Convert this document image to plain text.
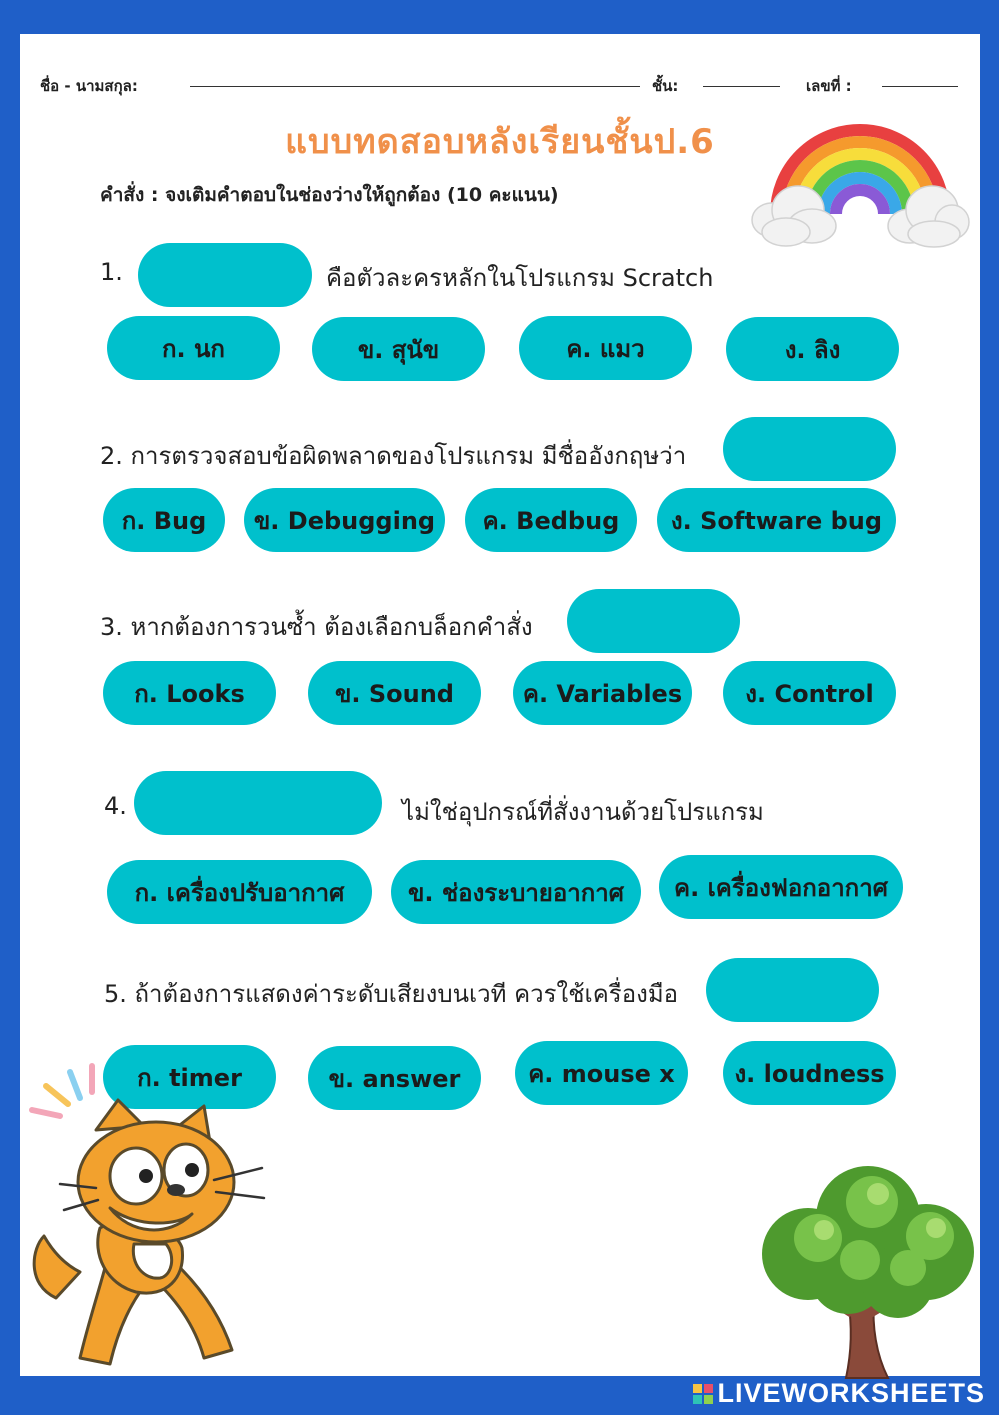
ชื่อ - นามสกุล:	ชั้น:	เลขที่ :
แบบทดสอบหลังเรียนชั้นป.6
คำสั่ง : จงเติมคำตอบในช่องว่างให้ถูกต้อง (10 คะแนน)
1.	คือตัวละครหลักในโปรแกรม Scratch
ก. นก	ข. สุนัข	ค. แมว	ง. ลิง
2. การตรวจสอบข้อผิดพลาดของโปรแกรม มีชื่ออังกฤษว่า
ก. Bug	ข. Debugging	ค. Bedbug	ง. Software bug
3. หากต้องการวนซ้ำ ต้องเลือกบล็อกคำสั่ง
ก. Looks	ข. Sound	ค. Variables	ง. Control
4.	ไม่ใช่อุปกรณ์ที่สั่งงานด้วยโปรแกรม
ก. เครื่องปรับอากาศ	ข. ช่องระบายอากาศ	ค. เครื่องฟอกอากาศ
5. ถ้าต้องการแสดงค่าระดับเสียงบนเวที ควรใช้เครื่องมือ
ก. timer	ข. answer	ค. mouse x	ง. loudness
LIVEWORKSHEETS
